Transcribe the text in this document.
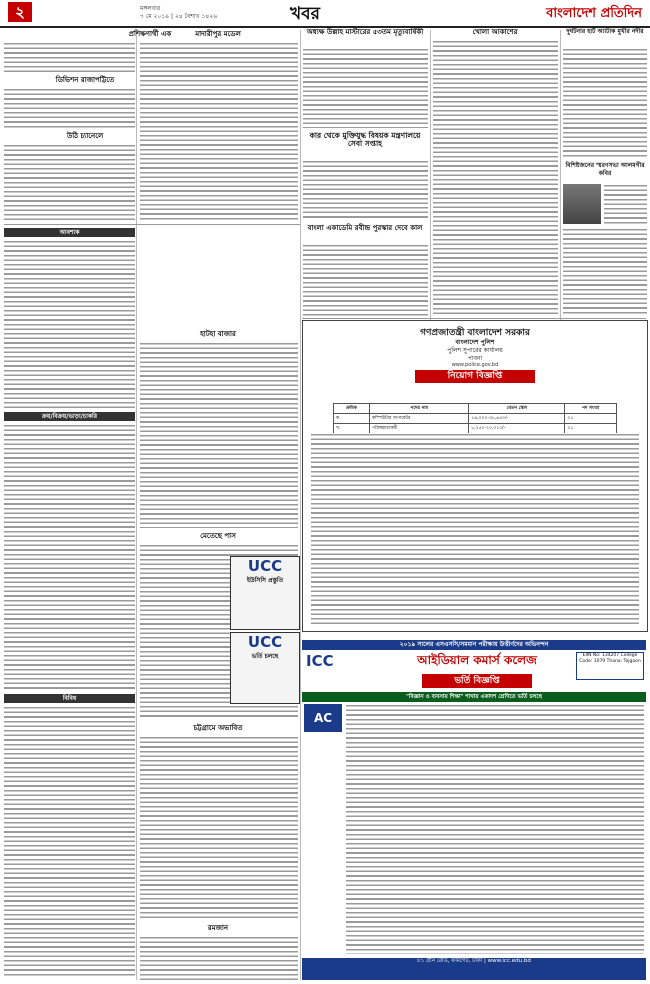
২	মঙ্গলবার
৭ মে ২০১৯ | ২৪ বৈশাখ ১৪২৬	খবর	বাংলাদেশ প্রতিদিন
প্রশিক্ষণার্থী এক
ডিভিশন রাজাপট্টিতে
উঠি চ্যানেলে
মাদারীপুর মডেল	অধ্যক্ষ উল্লাহ মাস্টারের ৫৩তম মৃত্যুবার্ষিকী
কার থেকে মুক্তিযুদ্ধ বিষয়ক মন্ত্রণালয়ে সেবা সপ্তাহ
বাংলা একাডেমি রবীন্দ্র পুরস্কার দেবে কাল
খোলা আকাশের	দুর্ঘটনার হার্ট অ্যাটাক মুখীর নদীর
বিশিষ্টজনের স্মরণসভা আলমগীর কবির
আবশ্যক
ক্রয়/বিক্রয়/ভাড়া/চাকরি
বিবিধ
হাটহা বাজার
মেতেছে পাস
চট্টগ্রামে অভাবিত
রমজান
গণপ্রজাতন্ত্রী বাংলাদেশ সরকার
বাংলাদেশ পুলিশ
পুলিশ সুপারের কার্যালয়
পাবনা
www.police.gov.bd
নিয়োগ বিজ্ঞপ্তি
ক্রমিক	পদের নাম	বেতন স্কেল	পদ সংখ্যা
ক.	কম্পিউটার অপারেটর	১৬,০০০-৩৮,৬৪০/-	০১
খ.	পরিচ্ছন্নতাকর্মী	৮,২৫০-২০,০১০/-	০১
UCC
ইউসিসি প্রস্তুতি
UCC
ভর্তি চলছে
২০১৯ সালের এসএসসি/সমমান পরীক্ষায় উত্তীর্ণদের অভিনন্দন
ICC	আইডিয়াল কমার্স কলেজ
ভর্তি বিজ্ঞপ্তি
EIIN No: 134207 College Code: 1079 Thana: Tejgaon
"বিজ্ঞান ও ব্যবসায় শিক্ষা" শাখায় একাদশ শ্রেণিতে ভর্তি চলছে
AC
৮১ গ্রীন রোড, ফার্মগেট, ঢাকা | www.icc.edu.bd
